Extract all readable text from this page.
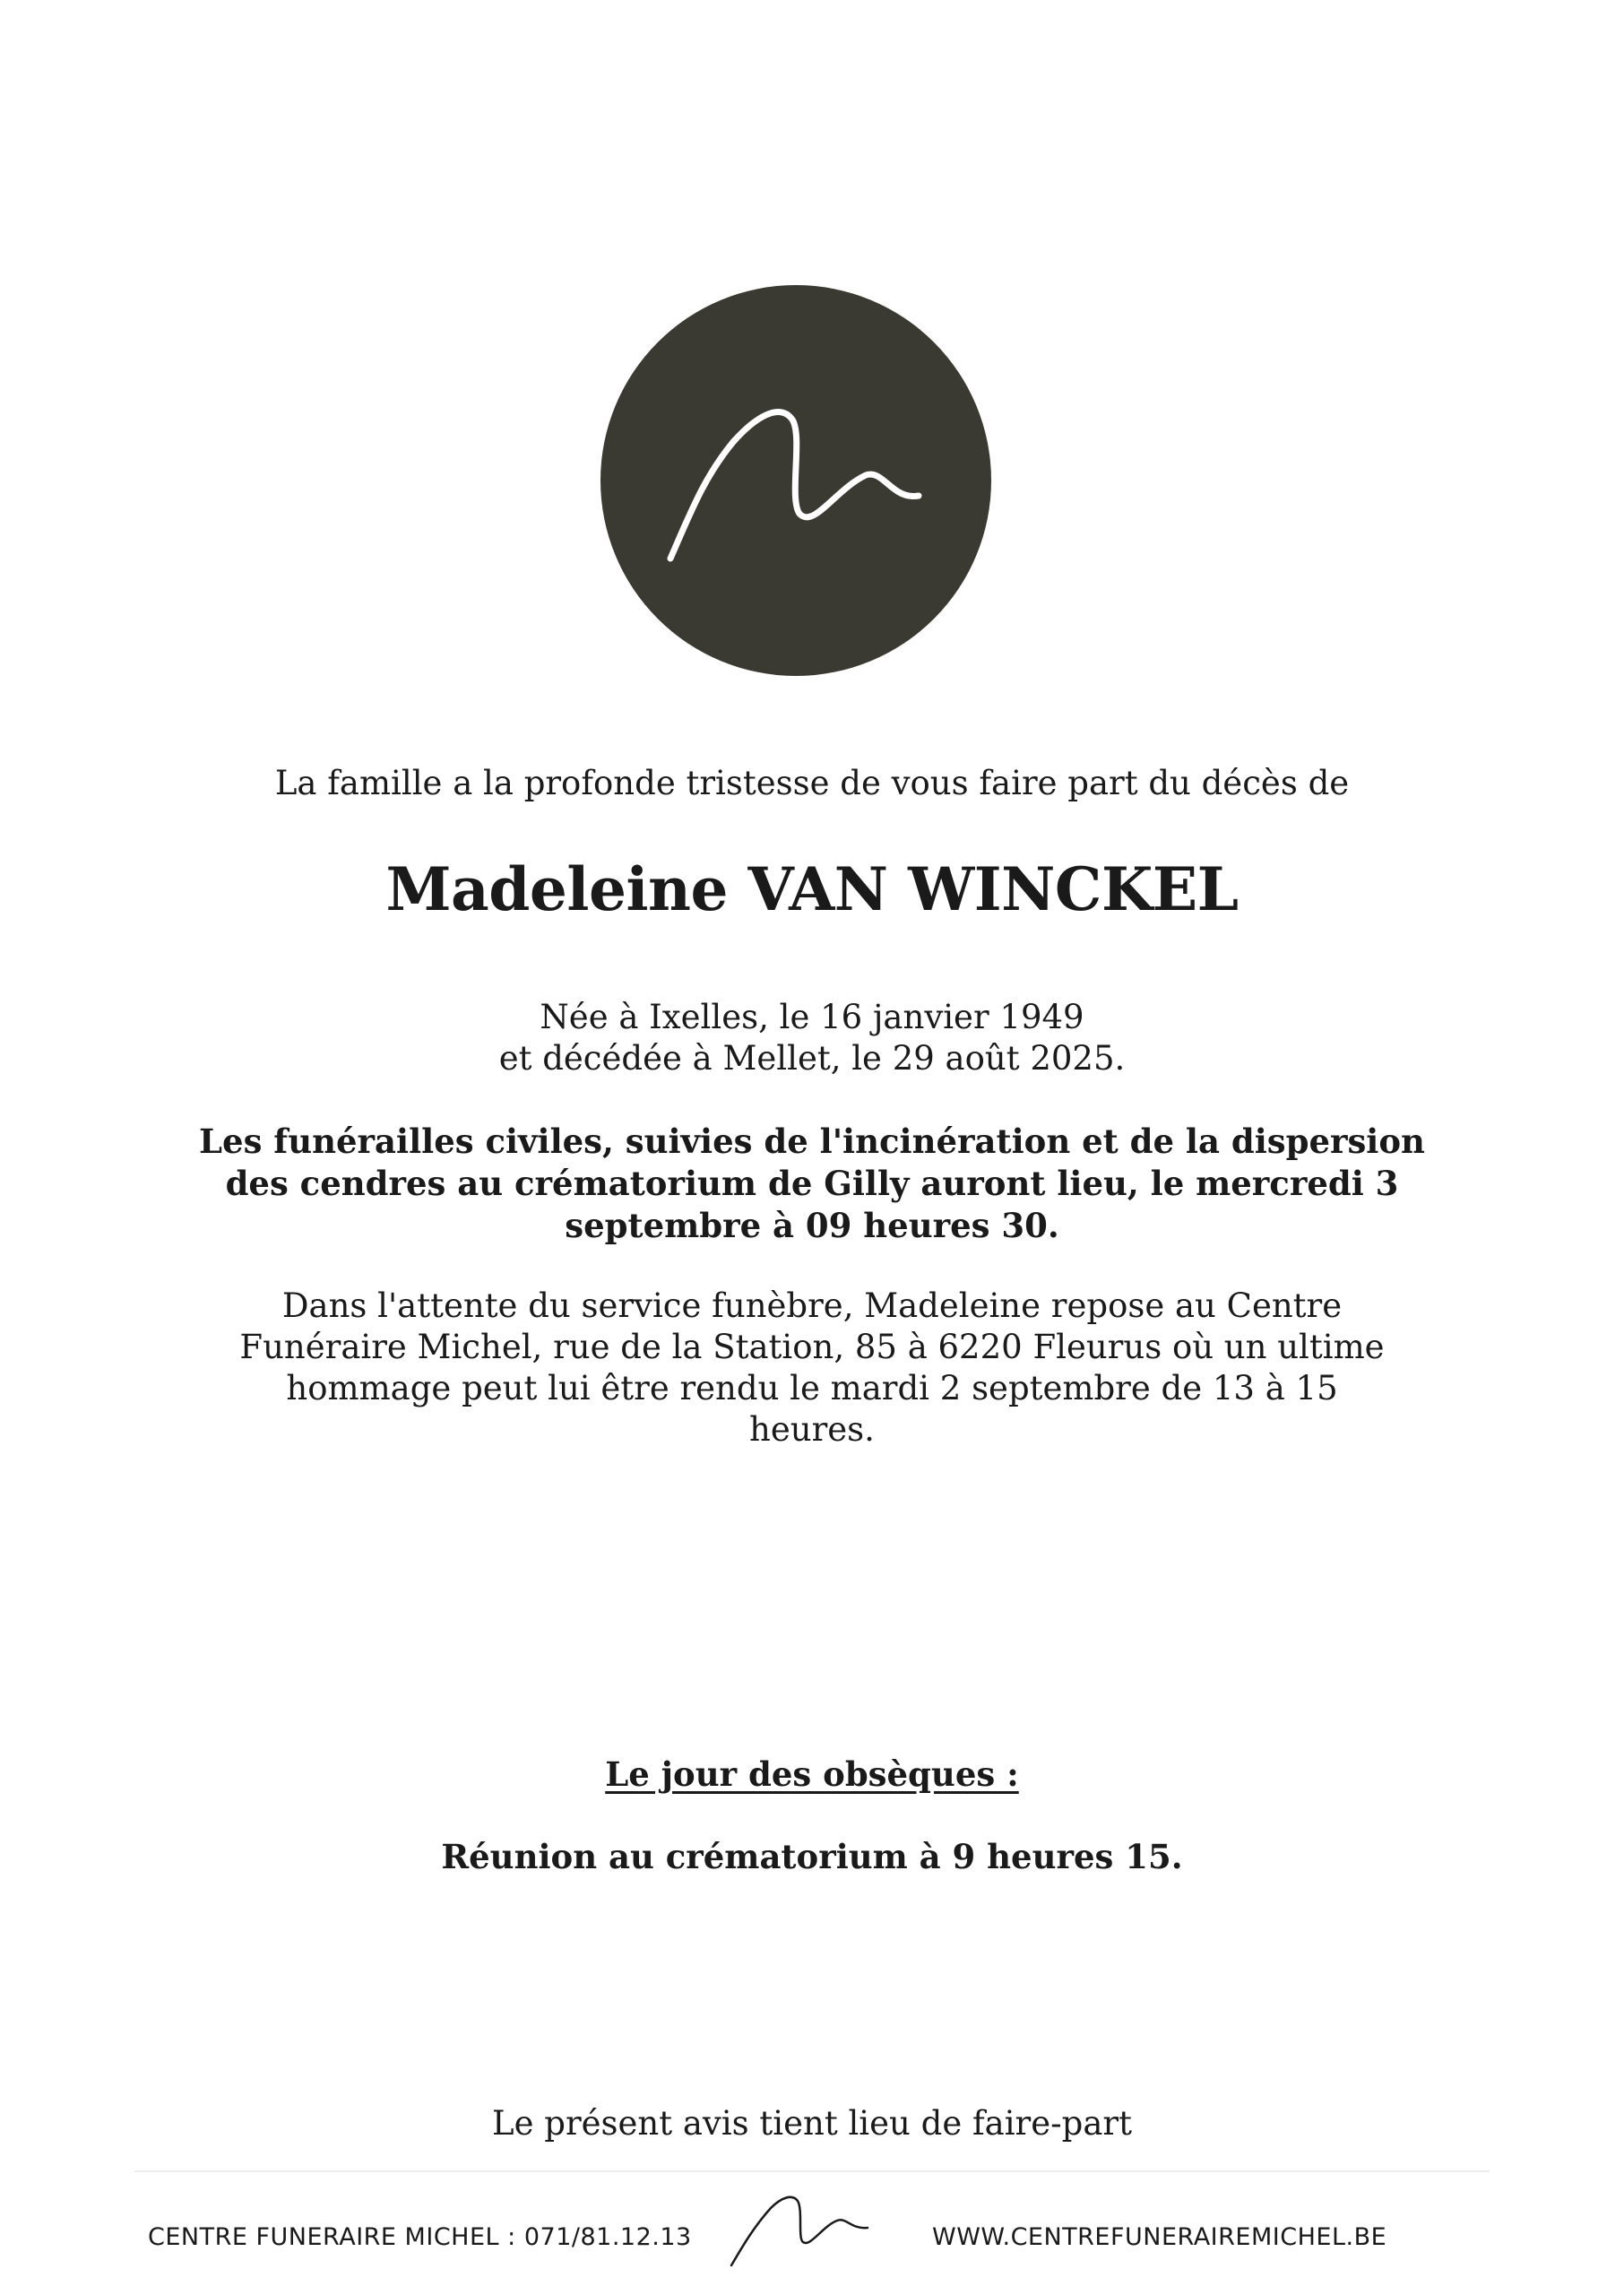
La famille a la profonde tristesse de vous faire part du décès de
Madeleine VAN WINCKEL
Née à Ixelles, le 16 janvier 1949
et décédée à Mellet, le 29 août 2025.
Les funérailles civiles, suivies de l'incinération et de la dispersion
des cendres au crématorium de Gilly auront lieu, le mercredi 3
septembre à 09 heures 30.
Dans l'attente du service funèbre, Madeleine repose au Centre
Funéraire Michel, rue de la Station, 85 à 6220 Fleurus où un ultime
hommage peut lui être rendu le mardi 2 septembre de 13 à 15
heures.
Le jour des obsèques :
Réunion au crématorium à 9 heures 15.
Le présent avis tient lieu de faire-part
CENTRE FUNERAIRE MICHEL : 071/81.12.13	WWW.CENTREFUNERAIREMICHEL.BE
